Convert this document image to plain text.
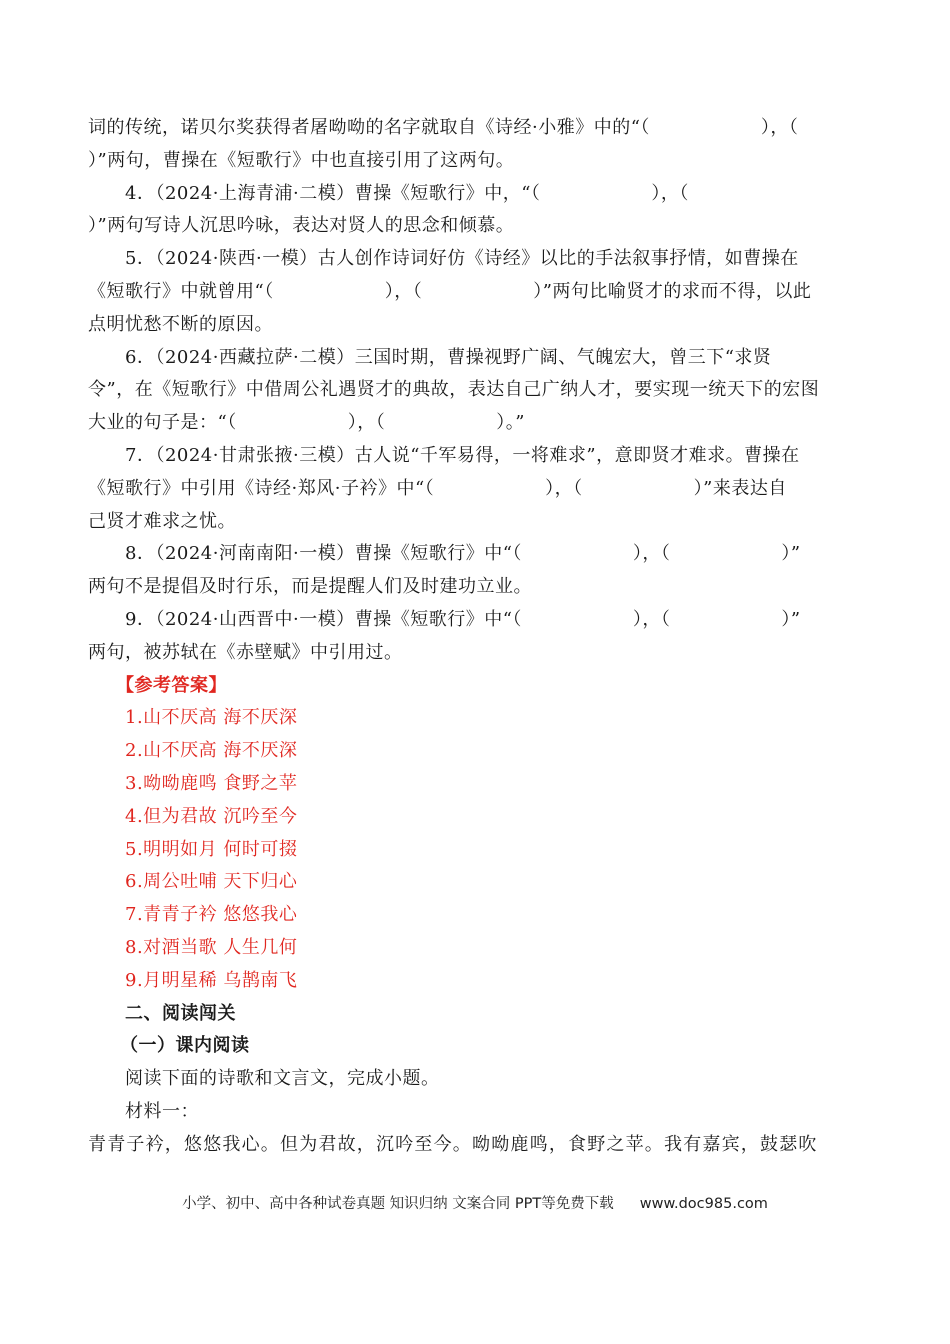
词的传统，诺贝尔奖获得者屠呦呦的名字就取自《诗经·小雅》中的“（　　　　　　），（
）”两句，曹操在《短歌行》中也直接引用了这两句。
4．（2024·上海青浦·二模）曹操《短歌行》中，“（　　　　　　），（
）”两句写诗人沉思吟咏，表达对贤人的思念和倾慕。
5．（2024·陕西·一模）古人创作诗词好仿《诗经》以比的手法叙事抒情，如曹操在
《短歌行》中就曾用“（　　　　　　），（　　　　　　）”两句比喻贤才的求而不得，以此
点明忧愁不断的原因。
6．（2024·西藏拉萨·二模）三国时期，曹操视野广阔、气魄宏大，曾三下“求贤
令”，在《短歌行》中借周公礼遇贤才的典故，表达自己广纳人才，要实现一统天下的宏图
大业的句子是：“（　　　　　　），（　　　　　　）。”
7．（2024·甘肃张掖·三模）古人说“千军易得，一将难求”，意即贤才难求。曹操在
《短歌行》中引用《诗经·郑风·子衿》中“（　　　　　　），（　　　　　　）”来表达自
己贤才难求之忧。
8．（2024·河南南阳·一模）曹操《短歌行》中“（　　　　　　），（　　　　　　）”
两句不是提倡及时行乐，而是提醒人们及时建功立业。
9．（2024·山西晋中·一模）曹操《短歌行》中“（　　　　　　），（　　　　　　）”
两句，被苏轼在《赤壁赋》中引用过。
【参考答案】
1.山不厌高 海不厌深
2.山不厌高 海不厌深
3.呦呦鹿鸣 食野之苹
4.但为君故 沉吟至今
5.明明如月 何时可掇
6.周公吐哺 天下归心
7.青青子衿 悠悠我心
8.对酒当歌 人生几何
9.月明星稀 乌鹊南飞
二、阅读闯关
（一）课内阅读
阅读下面的诗歌和文言文，完成小题。
材料一：
青青子衿，悠悠我心。但为君故，沉吟至今。呦呦鹿鸣，食野之苹。我有嘉宾，鼓瑟吹
小学、初中、高中各种试卷真题 知识归纳 文案合同 PPT等免费下载 www.doc985.com
